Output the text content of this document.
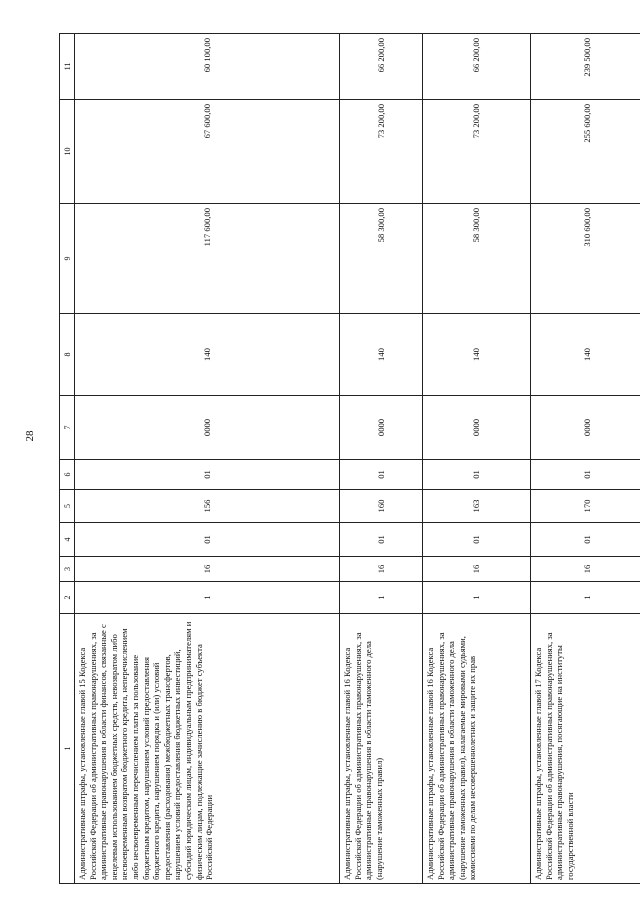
28
1	2	3	4	5	6	7	8	9	10	11
Административные штрафы, установленные главой 15 Кодекса Российской Федерации об административных правонарушениях, за административные правонарушения в области финансов, связанные с нецелевым использованием бюджетных средств, невозвратом либо несвоевременным возвратом бюджетного кредита, неперечислением либо несвоевременным перечислением платы за пользование бюджетным кредитом, нарушением условий предоставления бюджетного кредита, нарушением порядка и (или) условий предоставления (расходования) межбюджетных трансфертов, нарушением условий предоставления бюджетных инвестиций, субсидий юридическим лицам, индивидуальным предпринимателям и физическим лицам, подлежащие зачислению в бюджет субъекта Российской Федерации	1	16	01	156	01	0000	140	117 600,00	67 600,00	60 100,00
Административные штрафы, установленные главой 16 Кодекса Российской Федерации об административных правонарушениях, за административные правонарушения в области таможенного дела (нарушение таможенных правил)	1	16	01	160	01	0000	140	58 300,00	73 200,00	66 200,00
Административные штрафы, установленные главой 16 Кодекса Российской Федерации об административных правонарушениях, за административные правонарушения в области таможенного дела (нарушение таможенных правил), налагаемые мировыми судьями, комиссиями по делам несовершеннолетних и защите их прав	1	16	01	163	01	0000	140	58 300,00	73 200,00	66 200,00
Административные штрафы, установленные главой 17 Кодекса Российской Федерации об административных правонарушениях, за административные правонарушения, посягающие на институты государственной власти	1	16	01	170	01	0000	140	310 600,00	255 600,00	239 500,00
